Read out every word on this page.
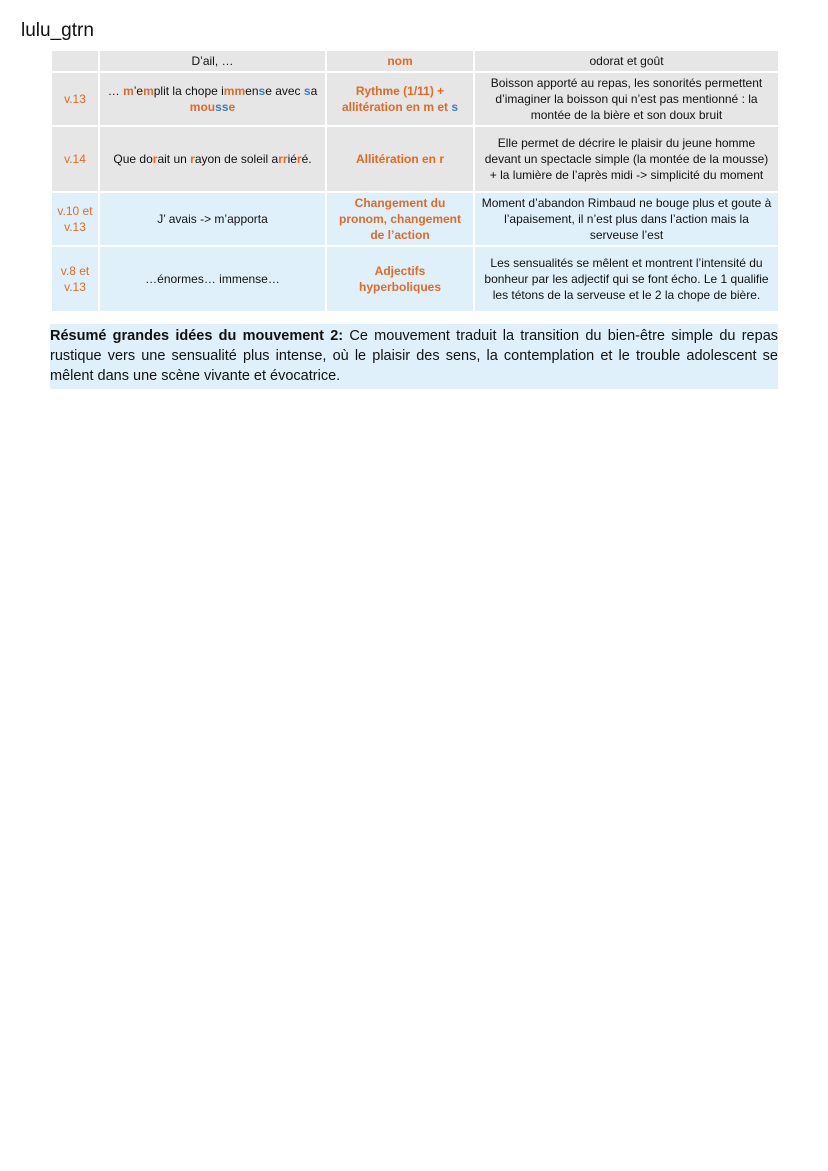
lulu_gtrn
	D’ail, …	nom	odorat et goût
v.13	… m’emplit la chope immense avec sa mousse	Rythme (1/11) + allitération en m et s	Boisson apporté au repas, les sonorités permettent d’imaginer la boisson qui n’est pas mentionné : la montée de la bière et son doux bruit
v.14	Que dorait un rayon de soleil arriéré.	Allitération en r	Elle permet de décrire le plaisir du jeune homme devant un spectacle simple (la montée de la mousse) + la lumière de l’après midi -> simplicité du moment
v.10 et v.13	J’ avais -> m’apporta	Changement du pronom, changement de l’action	Moment d’abandon Rimbaud ne bouge plus et goute à l’apaisement, il n’est plus dans l’action mais la serveuse l’est
v.8 et v.13	…énormes… immense…	Adjectifs hyperboliques	Les sensualités se mêlent et montrent l’intensité du bonheur par les adjectif qui se font écho. Le 1 qualifie les tétons de la serveuse et le 2 la chope de bière.
Résumé grandes idées du mouvement 2: Ce mouvement traduit la transition du bien-être simple du repas rustique vers une sensualité plus intense, où le plaisir des sens, la contemplation et le trouble adolescent se mêlent dans une scène vivante et évocatrice.
